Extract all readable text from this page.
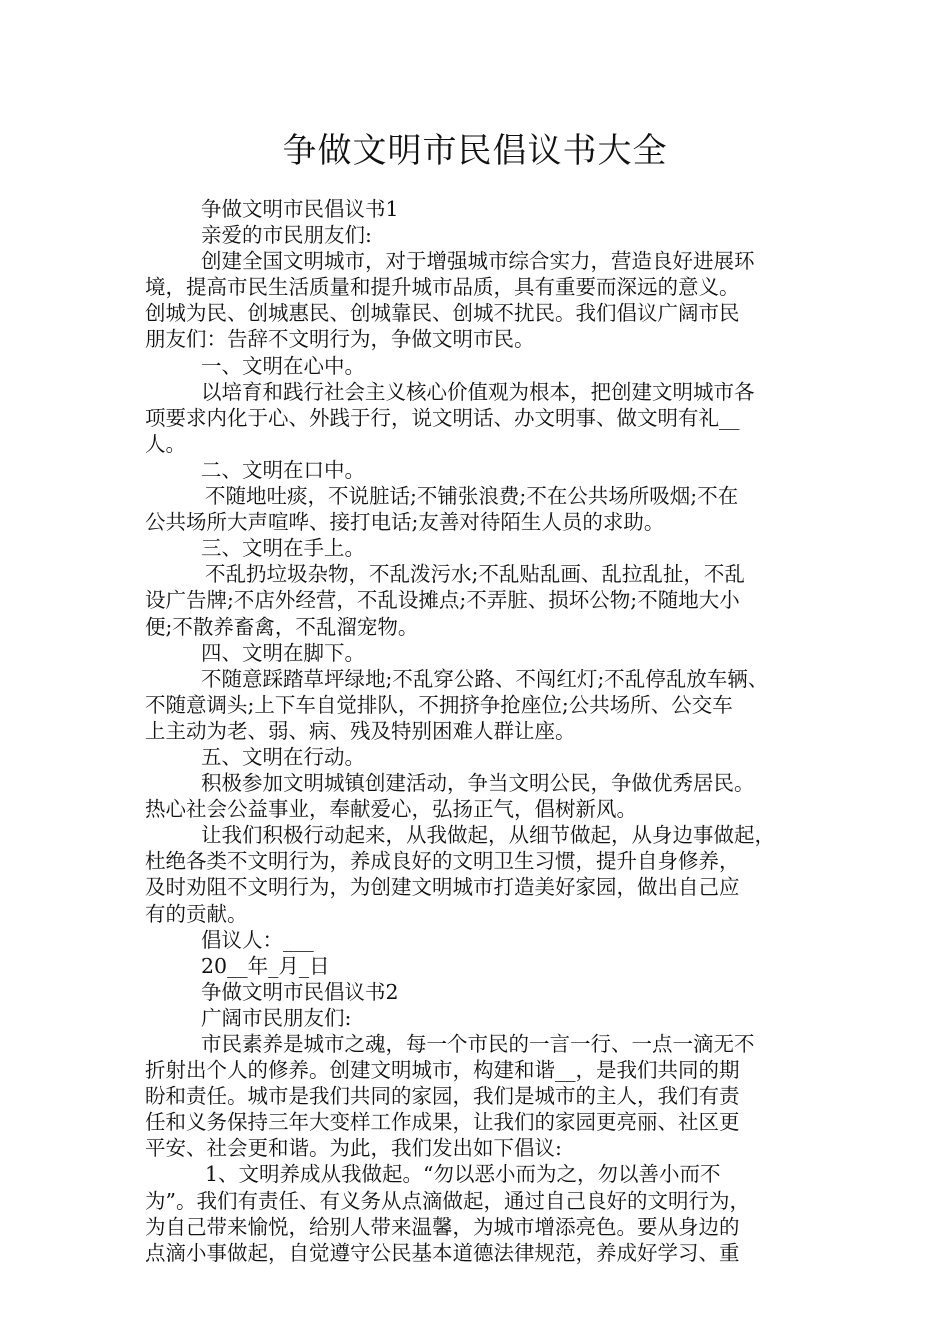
争做文明市民倡议书大全
争做文明市民倡议书1
亲爱的市民朋友们:
创建全国文明城市，对于增强城市综合实力，营造良好进展环
境，提高市民生活质量和提升城市品质，具有重要而深远的意义。
创城为民、创城惠民、创城靠民、创城不扰民。我们倡议广阔市民
朋友们：告辞不文明行为，争做文明市民。
一、文明在心中。
以培育和践行社会主义核心价值观为根本，把创建文明城市各
项要求内化于心、外践于行，说文明话、办文明事、做文明有礼__
人。
二、文明在口中。
不随地吐痰，不说脏话;不铺张浪费;不在公共场所吸烟;不在
公共场所大声喧哗、接打电话;友善对待陌生人员的求助。
三、文明在手上。
不乱扔垃圾杂物，不乱泼污水;不乱贴乱画、乱拉乱扯，不乱
设广告牌;不店外经营，不乱设摊点;不弄脏、损坏公物;不随地大小
便;不散养畜禽，不乱溜宠物。
四、文明在脚下。
不随意踩踏草坪绿地;不乱穿公路、不闯红灯;不乱停乱放车辆、
不随意调头;上下车自觉排队，不拥挤争抢座位;公共场所、公交车
上主动为老、弱、病、残及特别困难人群让座。
五、文明在行动。
积极参加文明城镇创建活动，争当文明公民，争做优秀居民。
热心社会公益事业，奉献爱心，弘扬正气，倡树新风。
让我们积极行动起来，从我做起，从细节做起，从身边事做起，
杜绝各类不文明行为，养成良好的文明卫生习惯，提升自身修养，
及时劝阻不文明行为，为创建文明城市打造美好家园，做出自己应
有的贡献。
倡议人：___
20__年_月_日
争做文明市民倡议书2
广阔市民朋友们:
市民素养是城市之魂，每一个市民的一言一行、一点一滴无不
折射出个人的修养。创建文明城市，构建和谐__，是我们共同的期
盼和责任。城市是我们共同的家园，我们是城市的主人，我们有责
任和义务保持三年大变样工作成果，让我们的家园更亮丽、社区更
平安、社会更和谐。为此，我们发出如下倡议:
1、文明养成从我做起。“勿以恶小而为之，勿以善小而不
为”。我们有责任、有义务从点滴做起，通过自己良好的文明行为，
为自己带来愉悦，给别人带来温馨，为城市增添亮色。要从身边的
点滴小事做起，自觉遵守公民基本道德法律规范，养成好学习、重
